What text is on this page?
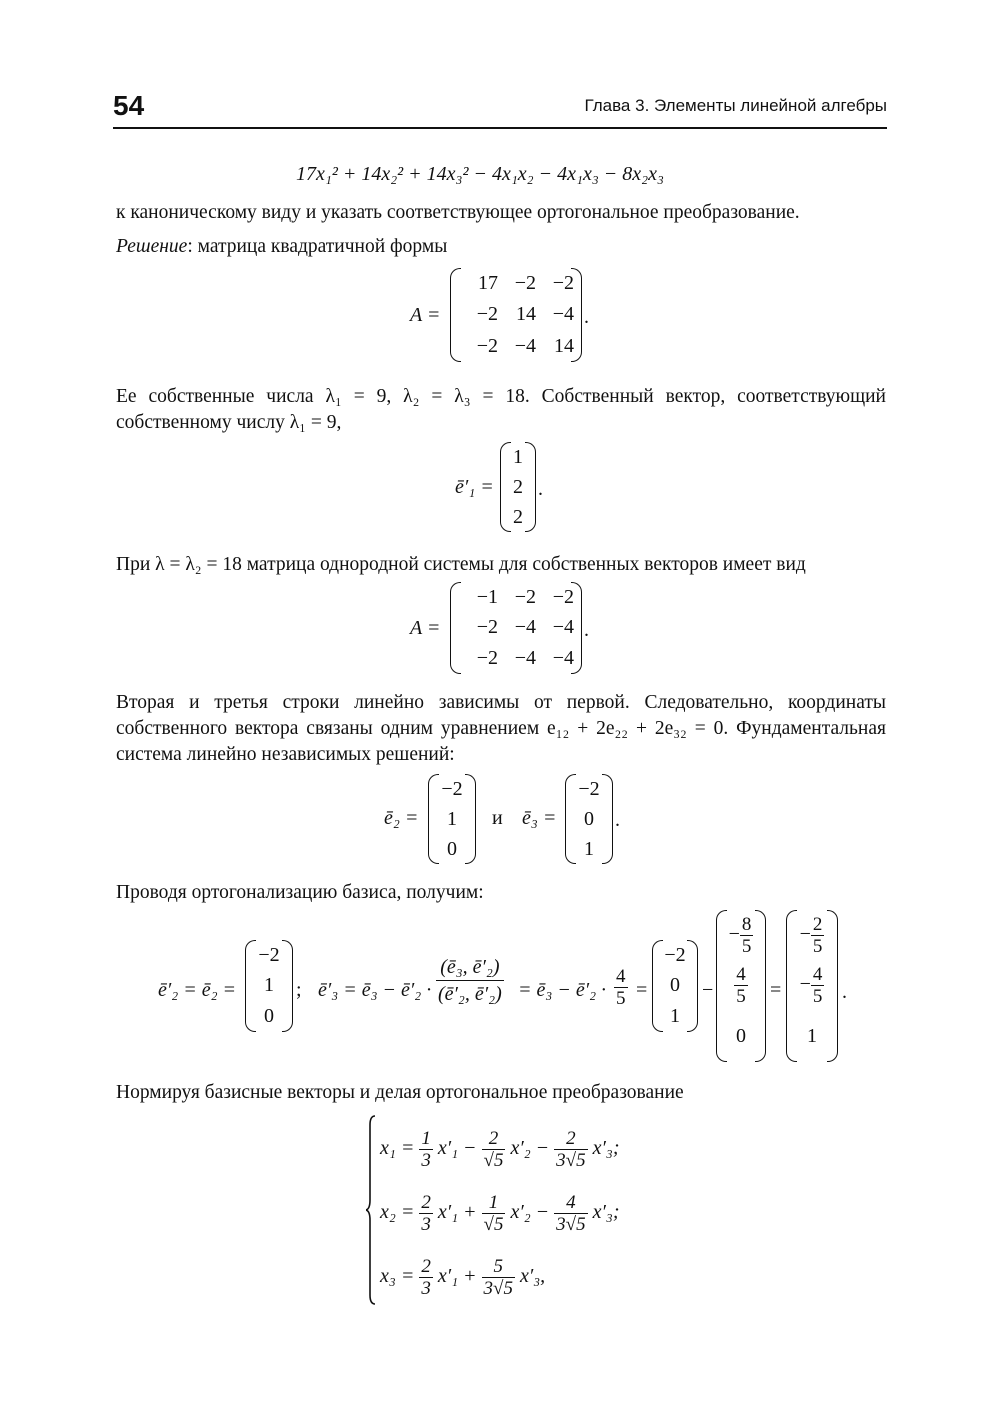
54	Глава 3. Элементы линейной алгебры
17x₁² + 14x₂² + 14x₃² − 4x₁x₂ − 4x₁x₃ − 8x₂x₃

к каноническому виду и указать соответствующее ортогональное преобразование.

Решение: матрица квадратичной формы

A =
17 −2 −2
−2 14 −4
−2 −4 14
.

Ее собственные числа λ₁ = 9, λ₂ = λ₃ = 18. Собственный вектор, соответствующий собственному числу λ₁ = 9,

ē′₁ =
1
2
2
.

При λ = λ₂ = 18 матрица однородной системы для собственных векторов имеет вид

A =
−1 −2 −2
−2 −4 −4
−2 −4 −4
.

Вторая и третья строки линейно зависимы от первой. Следовательно, координаты собственного вектора связаны одним уравнением e₁₂ + 2e₂₂ + 2e₃₂ = 0. Фундаментальная система линейно независимых решений:

ē₂ =
−2
1
0
и ē₃ =
−2
0
1
.

Проводя ортогонализацию базиса, получим:

ē′₂ = ē₂ =
−2
1
0
; ē′₃ = ē₃ − ē′₂ · $\frac{\text{(ē₃, ē′₂)}}{\text{(ē′₂, ē′₂)}}$ = ē₃ − ē′₂ · $\frac{4}{5}$ =
−2
0
1
−
− $\frac{8}{5}$
$\frac{4}{5}$
0
=
− $\frac{2}{5}$
− $\frac{4}{5}$
1
.

Нормируя базисные векторы и делая ортогональное преобразование

$x_1 = \frac{1}{3} x'_1 - \frac{2}{√5} x'_2 - \frac{2}{3√5} x'_3$;
$x_2 = \frac{2}{3} x'_1 + \frac{1}{√5} x'_2 - \frac{4}{3√5} x'_3$;
$x_3 = \frac{2}{3} x'_1 + \frac{5}{3√5} x'_3$,
